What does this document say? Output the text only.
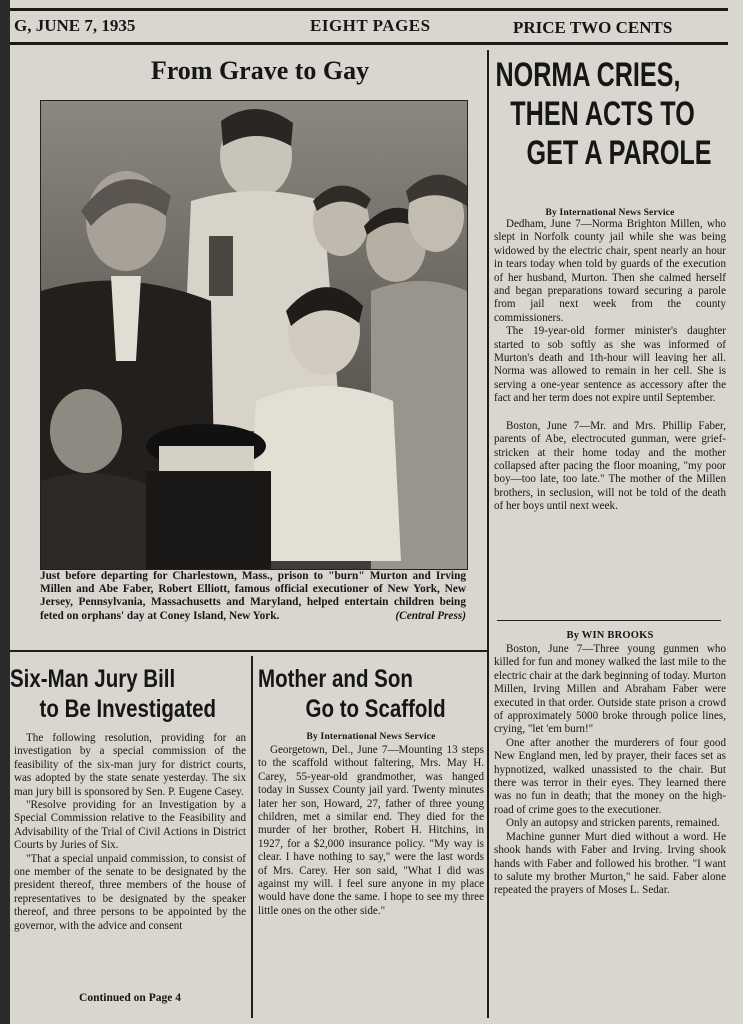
G, JUNE 7, 1935	EIGHT PAGES	PRICE TWO CENTS
From Grave to Gay
Just before departing for Charlestown, Mass., prison to "burn" Murton and Irving Millen and Abe Faber, Robert Elliott, famous official executioner of New York, New Jersey, Pennsylvania, Massachusetts and Maryland, helped entertain children being feted on orphans' day at Coney Island, New York.	(Central Press)
NORMA CRIES,
THEN ACTS TO
GET A PAROLE
By International News Service

Dedham, June 7—Norma Brighton Millen, who slept in Norfolk county jail while she was being widowed by the electric chair, spent nearly an hour in tears today when told by guards of the execution of her husband, Murton. Then she calmed herself and began preparations toward securing a parole from jail next week from the county commissioners.

The 19-year-old former minister's daughter started to sob softly as she was informed of Murton's death and 1th-hour will leaving her all. Norma was allowed to remain in her cell. She is serving a one-year sentence as accessory after the fact and her term does not expire until September.

Boston, June 7—Mr. and Mrs. Phillip Faber, parents of Abe, electrocuted gunman, were grief-stricken at their home today and the mother collapsed after pacing the floor moaning, "my poor boy—too late, too late." The mother of the Millen brothers, in seclusion, will not be told of the death of her boys until next week.

By WIN BROOKS

Boston, June 7—Three young gunmen who killed for fun and money walked the last mile to the electric chair at the dark beginning of today. Murton Millen, Irving Millen and Abraham Faber were executed in that order. Outside state prison a crowd of approximately 5000 broke through police lines, crying, "let 'em burn!"

One after another the murderers of four good New England men, led by prayer, their faces set as hypnotized, walked unassisted to the chair. But there was terror in their eyes. They learned there was no fun in death; that the money on the high-road of crime goes to the executioner.

Only an autopsy and stricken parents, remained.

Machine gunner Murt died without a word. He shook hands with Faber and Irving. Irving shook hands with Faber and followed his brother. "I want to salute my brother Murton," he said. Faber alone repeated the prayers of Moses L. Sedar.

Six-Man Jury Bill
to Be Investigated

The following resolution, providing for an investigation by a special commission of the feasibility of the six-man jury for district courts, was adopted by the state senate yesterday. The six man jury bill is sponsored by Sen. P. Eugene Casey.

"Resolve providing for an Investigation by a Special Commission relative to the Feasibility and Advisability of the Trial of Civil Actions in District Courts by Juries of Six.

"That a special unpaid commission, to consist of one member of the senate to be designated by the president thereof, three members of the house of representatives to be designated by the speaker thereof, and three persons to be appointed by the governor, with the advice and consent

Continued on Page 4
Mother and Son
Go to Scaffold
By International News Service

Georgetown, Del., June 7—Mounting 13 steps to the scaffold without faltering, Mrs. May H. Carey, 55-year-old grandmother, was hanged today in Sussex County jail yard. Twenty minutes later her son, Howard, 27, father of three young children, met a similar end. They died for the murder of her brother, Robert H. Hitchins, in 1927, for a $2,000 insurance policy. "My way is clear. I have nothing to say," were the last words of Mrs. Carey. Her son said, "What I did was against my will. I feel sure anyone in my place would have done the same. I hope to see my three little ones on the other side."
